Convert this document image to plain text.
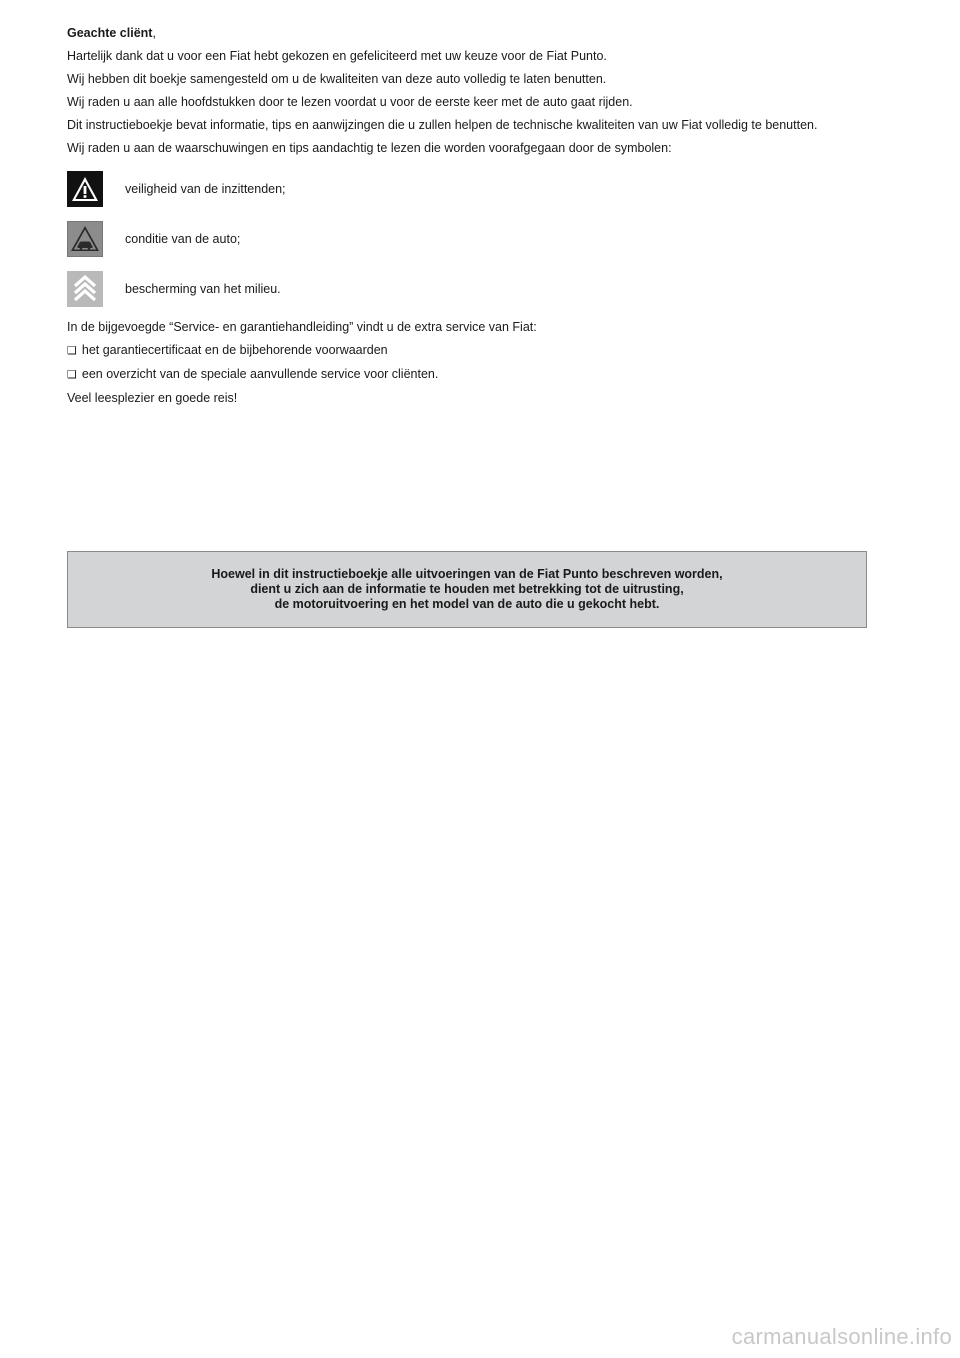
Geachte cliënt,

Hartelijk dank dat u voor een Fiat hebt gekozen en gefeliciteerd met uw keuze voor de Fiat Punto.

Wij hebben dit boekje samengesteld om u de kwaliteiten van deze auto volledig te laten benutten.

Wij raden u aan alle hoofdstukken door te lezen voordat u voor de eerste keer met de auto gaat rijden.

Dit instructieboekje bevat informatie, tips en aanwijzingen die u zullen helpen de technische kwaliteiten van uw Fiat volledig te benutten.

Wij raden u aan de waarschuwingen en tips aandachtig te lezen die worden voorafgegaan door de symbolen:

veiligheid van de inzittenden;
conditie van de auto;
bescherming van het milieu.

In de bijgevoegde “Service- en garantiehandleiding” vindt u de extra service van Fiat:

❏ het garantiecertificaat en de bijbehorende voorwaarden

❏ een overzicht van de speciale aanvullende service voor cliënten.

Veel leesplezier en goede reis!

Hoewel in dit instructieboekje alle uitvoeringen van de Fiat Punto beschreven worden,
dient u zich aan de informatie te houden met betrekking tot de uitrusting,
de motoruitvoering en het model van de auto die u gekocht hebt.
carmanualsonline.info
